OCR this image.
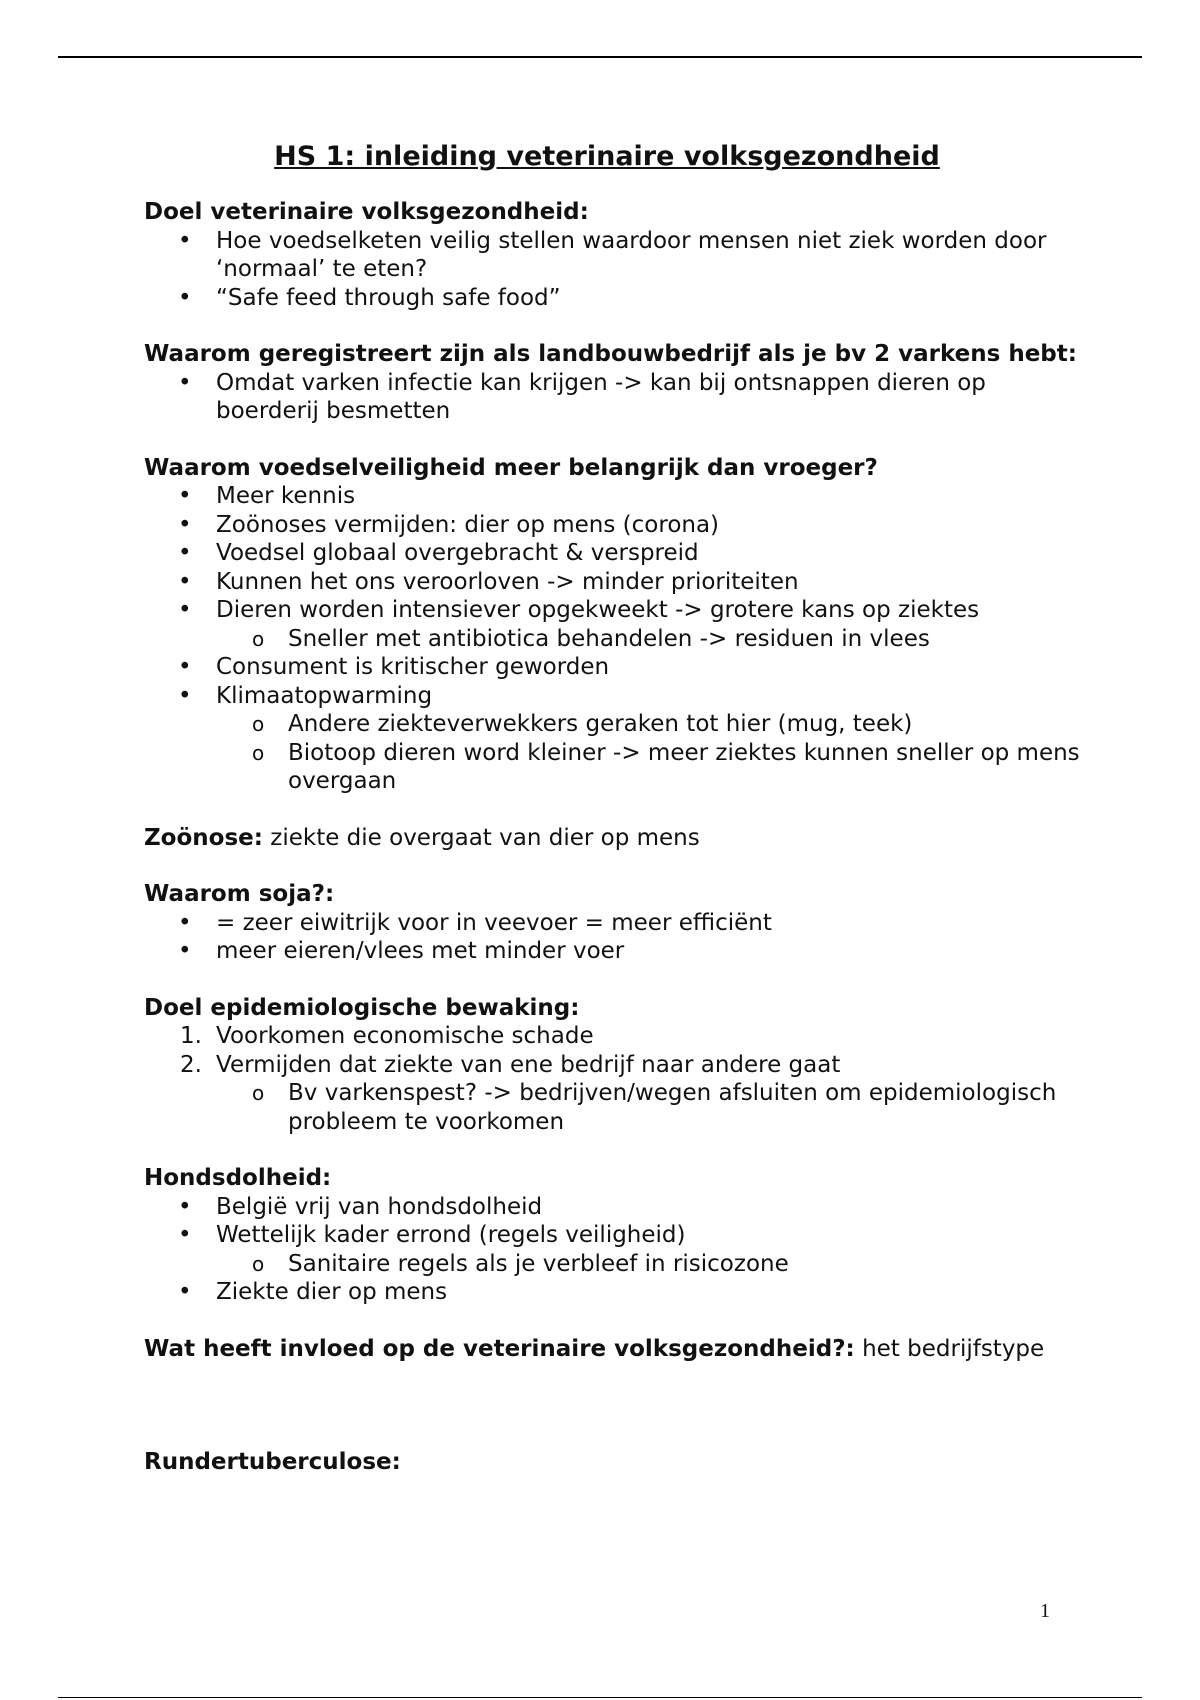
HS 1: inleiding veterinaire volksgezondheid
Doel veterinaire volksgezondheid:
• Hoe voedselketen veilig stellen waardoor mensen niet ziek worden door ‘normaal’ te eten?
• “Safe feed through safe food”
Waarom geregistreert zijn als landbouwbedrijf als je bv 2 varkens hebt:
• Omdat varken infectie kan krijgen -> kan bij ontsnappen dieren op boerderij besmetten
Waarom voedselveiligheid meer belangrijk dan vroeger?
• Meer kennis
• Zoönoses vermijden: dier op mens (corona)
• Voedsel globaal overgebracht & verspreid
• Kunnen het ons veroorloven -> minder prioriteiten
• Dieren worden intensiever opgekweekt -> grotere kans op ziektes
o Sneller met antibiotica behandelen -> residuen in vlees
• Consument is kritischer geworden
• Klimaatopwarming
o Andere ziekteverwekkers geraken tot hier (mug, teek)
o Biotoop dieren word kleiner -> meer ziektes kunnen sneller op mens overgaan
Zoönose: ziekte die overgaat van dier op mens
Waarom soja?:
• = zeer eiwitrijk voor in veevoer = meer efficiënt
• meer eieren/vlees met minder voer
Doel epidemiologische bewaking:
1. Voorkomen economische schade
2. Vermijden dat ziekte van ene bedrijf naar andere gaat
o Bv varkenspest? -> bedrijven/wegen afsluiten om epidemiologisch probleem te voorkomen
Hondsdolheid:
• België vrij van hondsdolheid
• Wettelijk kader errond (regels veiligheid)
o Sanitaire regels als je verbleef in risicozone
• Ziekte dier op mens
Wat heeft invloed op de veterinaire volksgezondheid?: het bedrijfstype
Rundertuberculose:
1
